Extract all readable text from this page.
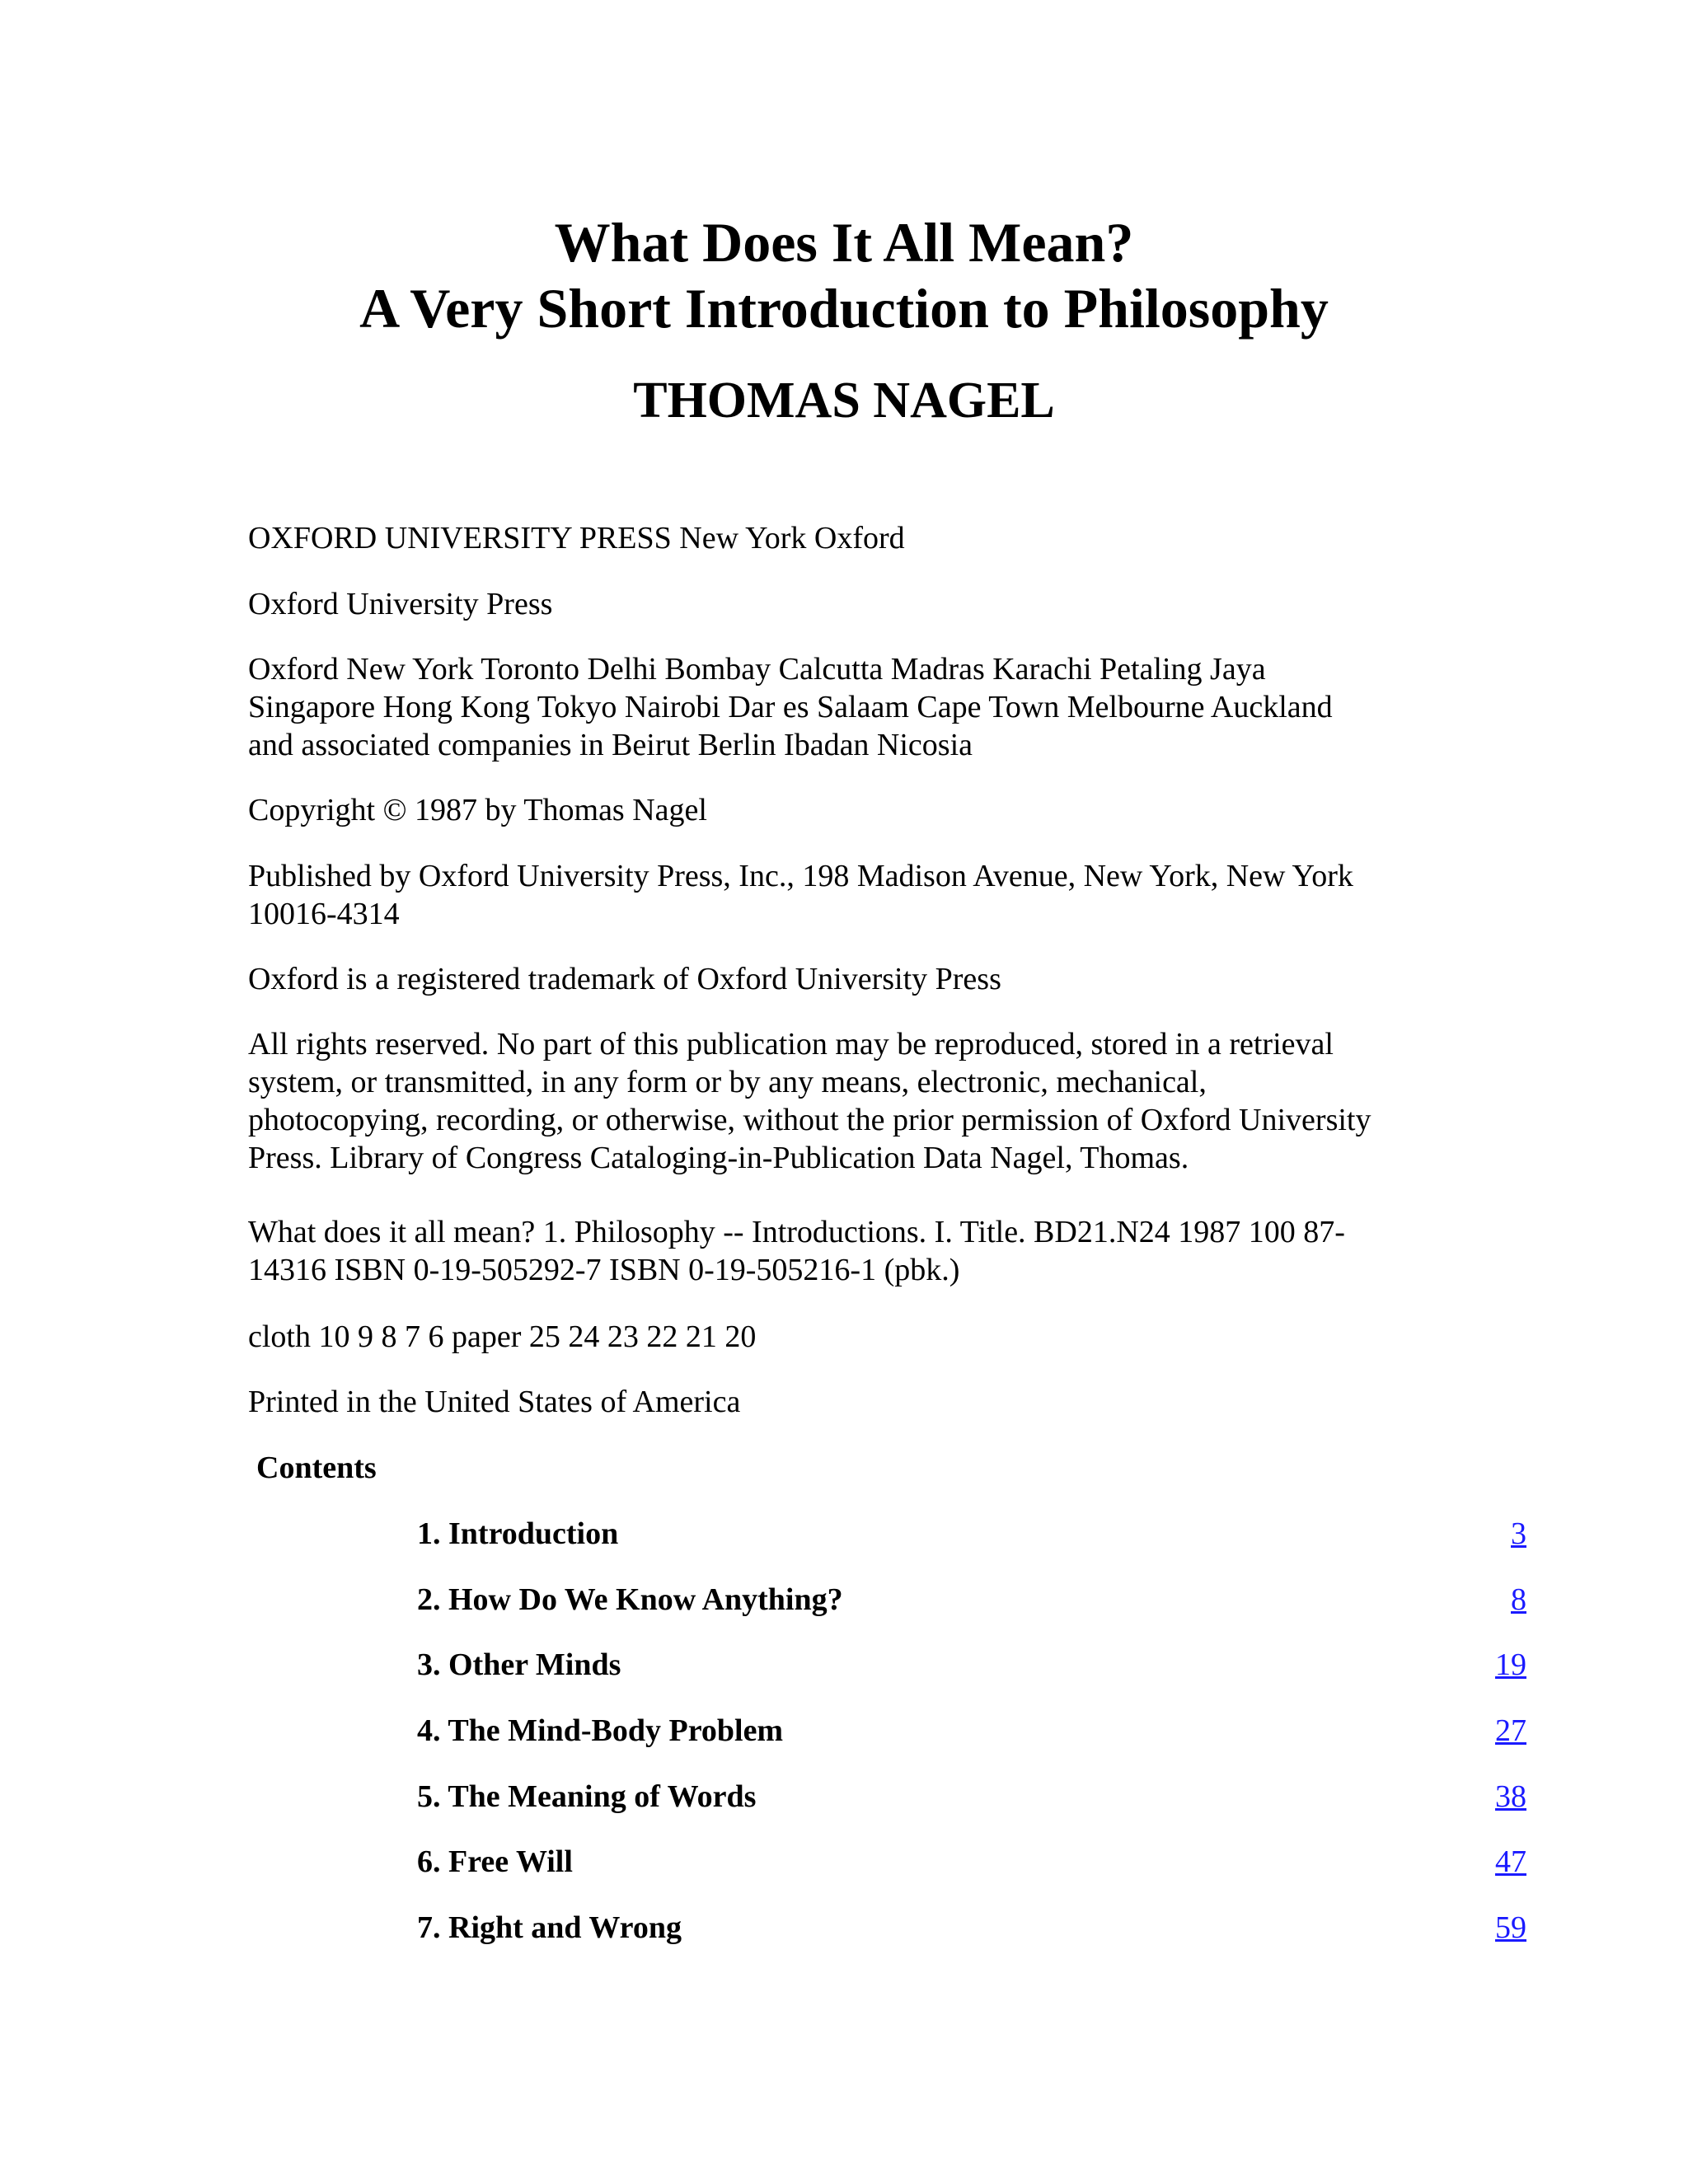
What Does It All Mean?
A Very Short Introduction to Philosophy
THOMAS NAGEL

OXFORD UNIVERSITY PRESS New York Oxford

Oxford University Press

Oxford New York Toronto Delhi Bombay Calcutta Madras Karachi Petaling Jaya

Singapore Hong Kong Tokyo Nairobi Dar es Salaam Cape Town Melbourne Auckland

and associated companies in Beirut Berlin Ibadan Nicosia

Copyright © 1987 by Thomas Nagel

Published by Oxford University Press, Inc., 198 Madison Avenue, New York, New York

10016-4314

Oxford is a registered trademark of Oxford University Press

All rights reserved. No part of this publication may be reproduced, stored in a retrieval

system, or transmitted, in any form or by any means, electronic, mechanical,

photocopying, recording, or otherwise, without the prior permission of Oxford University

Press. Library of Congress Cataloging-in-Publication Data Nagel, Thomas.

What does it all mean? 1. Philosophy -- Introductions. I. Title. BD21.N24 1987 100 87-

14316 ISBN 0-19-505292-7 ISBN 0-19-505216-1 (pbk.)

cloth 10 9 8 7 6 paper 25 24 23 22 21 20

Printed in the United States of America

Contents
1. Introduction	3
2. How Do We Know Anything?	8
3. Other Minds	19
4. The Mind-Body Problem	27
5. The Meaning of Words	38
6. Free Will	47
7. Right and Wrong	59
